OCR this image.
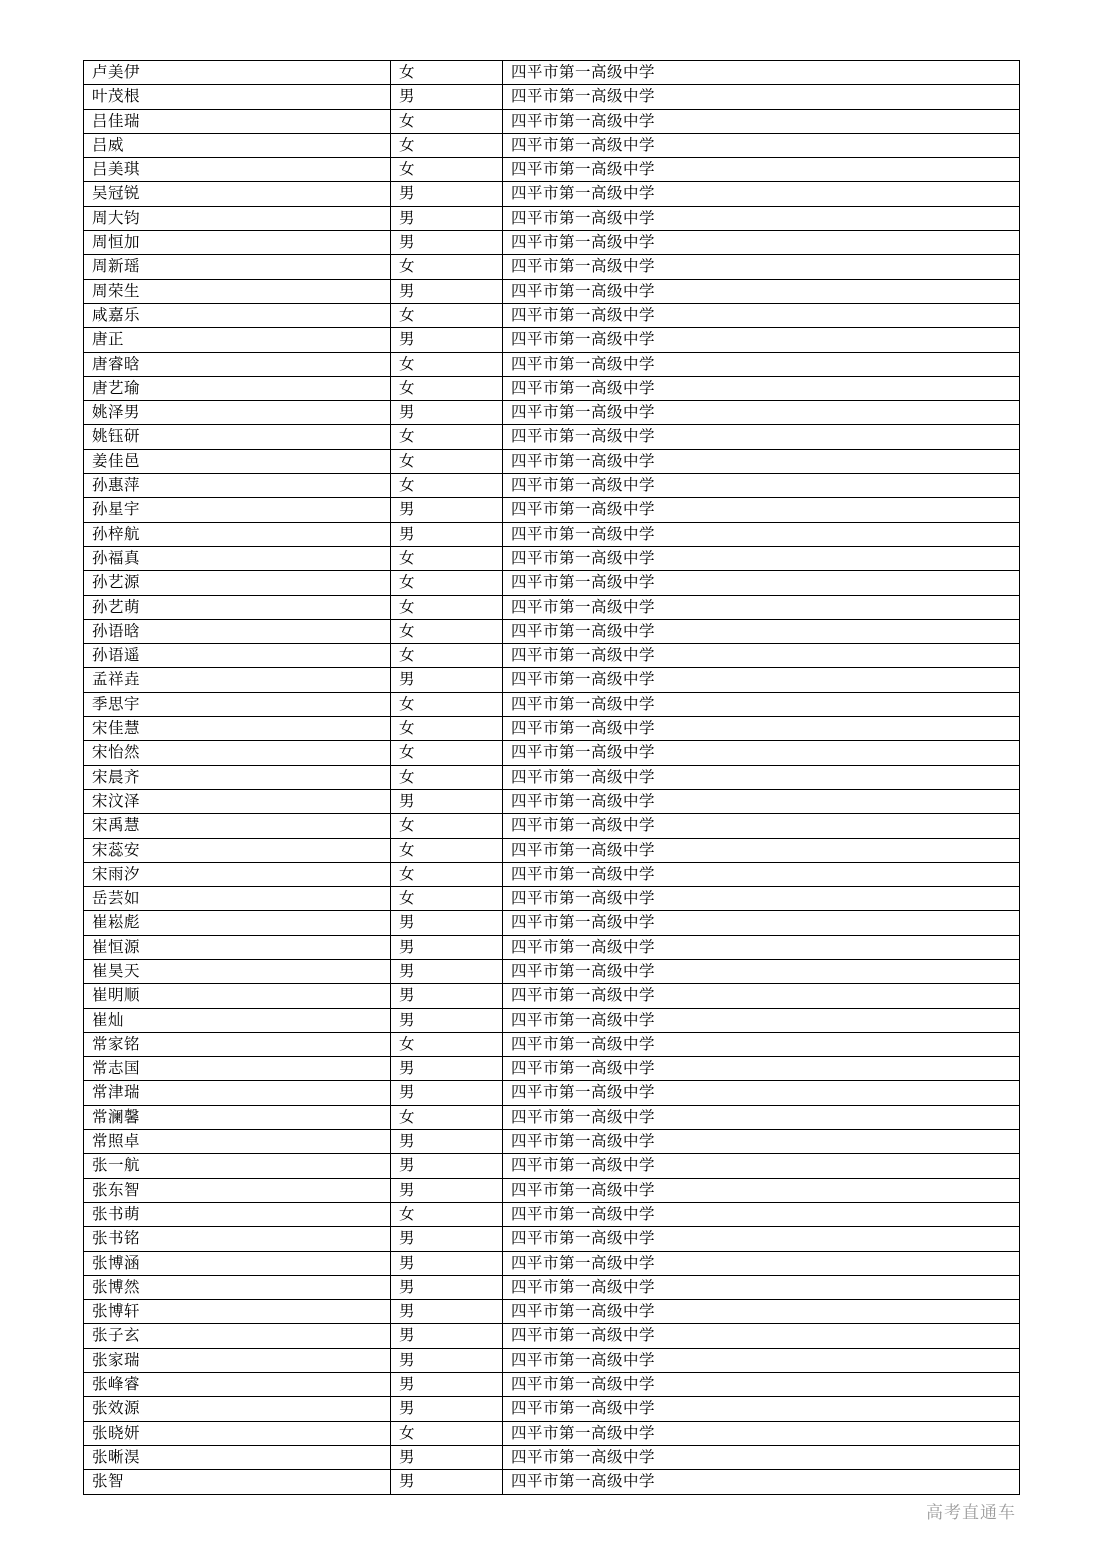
卢美伊	女	四平市第一高级中学
叶茂根	男	四平市第一高级中学
吕佳瑞	女	四平市第一高级中学
吕威	女	四平市第一高级中学
吕美琪	女	四平市第一高级中学
吴冠锐	男	四平市第一高级中学
周大钧	男	四平市第一高级中学
周恒加	男	四平市第一高级中学
周新瑶	女	四平市第一高级中学
周荣生	男	四平市第一高级中学
咸嘉乐	女	四平市第一高级中学
唐正	男	四平市第一高级中学
唐睿晗	女	四平市第一高级中学
唐艺瑜	女	四平市第一高级中学
姚泽男	男	四平市第一高级中学
姚钰研	女	四平市第一高级中学
姜佳邑	女	四平市第一高级中学
孙惠萍	女	四平市第一高级中学
孙星宇	男	四平市第一高级中学
孙梓航	男	四平市第一高级中学
孙福真	女	四平市第一高级中学
孙艺源	女	四平市第一高级中学
孙艺萌	女	四平市第一高级中学
孙语晗	女	四平市第一高级中学
孙语遥	女	四平市第一高级中学
孟祥垚	男	四平市第一高级中学
季思宇	女	四平市第一高级中学
宋佳慧	女	四平市第一高级中学
宋怡然	女	四平市第一高级中学
宋晨齐	女	四平市第一高级中学
宋汶泽	男	四平市第一高级中学
宋禹慧	女	四平市第一高级中学
宋蕊安	女	四平市第一高级中学
宋雨汐	女	四平市第一高级中学
岳芸如	女	四平市第一高级中学
崔崧彪	男	四平市第一高级中学
崔恒源	男	四平市第一高级中学
崔昊天	男	四平市第一高级中学
崔明顺	男	四平市第一高级中学
崔灿	男	四平市第一高级中学
常家铭	女	四平市第一高级中学
常志国	男	四平市第一高级中学
常津瑞	男	四平市第一高级中学
常澜馨	女	四平市第一高级中学
常照卓	男	四平市第一高级中学
张一航	男	四平市第一高级中学
张东智	男	四平市第一高级中学
张书萌	女	四平市第一高级中学
张书铭	男	四平市第一高级中学
张博涵	男	四平市第一高级中学
张博然	男	四平市第一高级中学
张博轩	男	四平市第一高级中学
张子玄	男	四平市第一高级中学
张家瑞	男	四平市第一高级中学
张峰睿	男	四平市第一高级中学
张效源	男	四平市第一高级中学
张晓妍	女	四平市第一高级中学
张晰淏	男	四平市第一高级中学
张智	男	四平市第一高级中学
高考直通车
